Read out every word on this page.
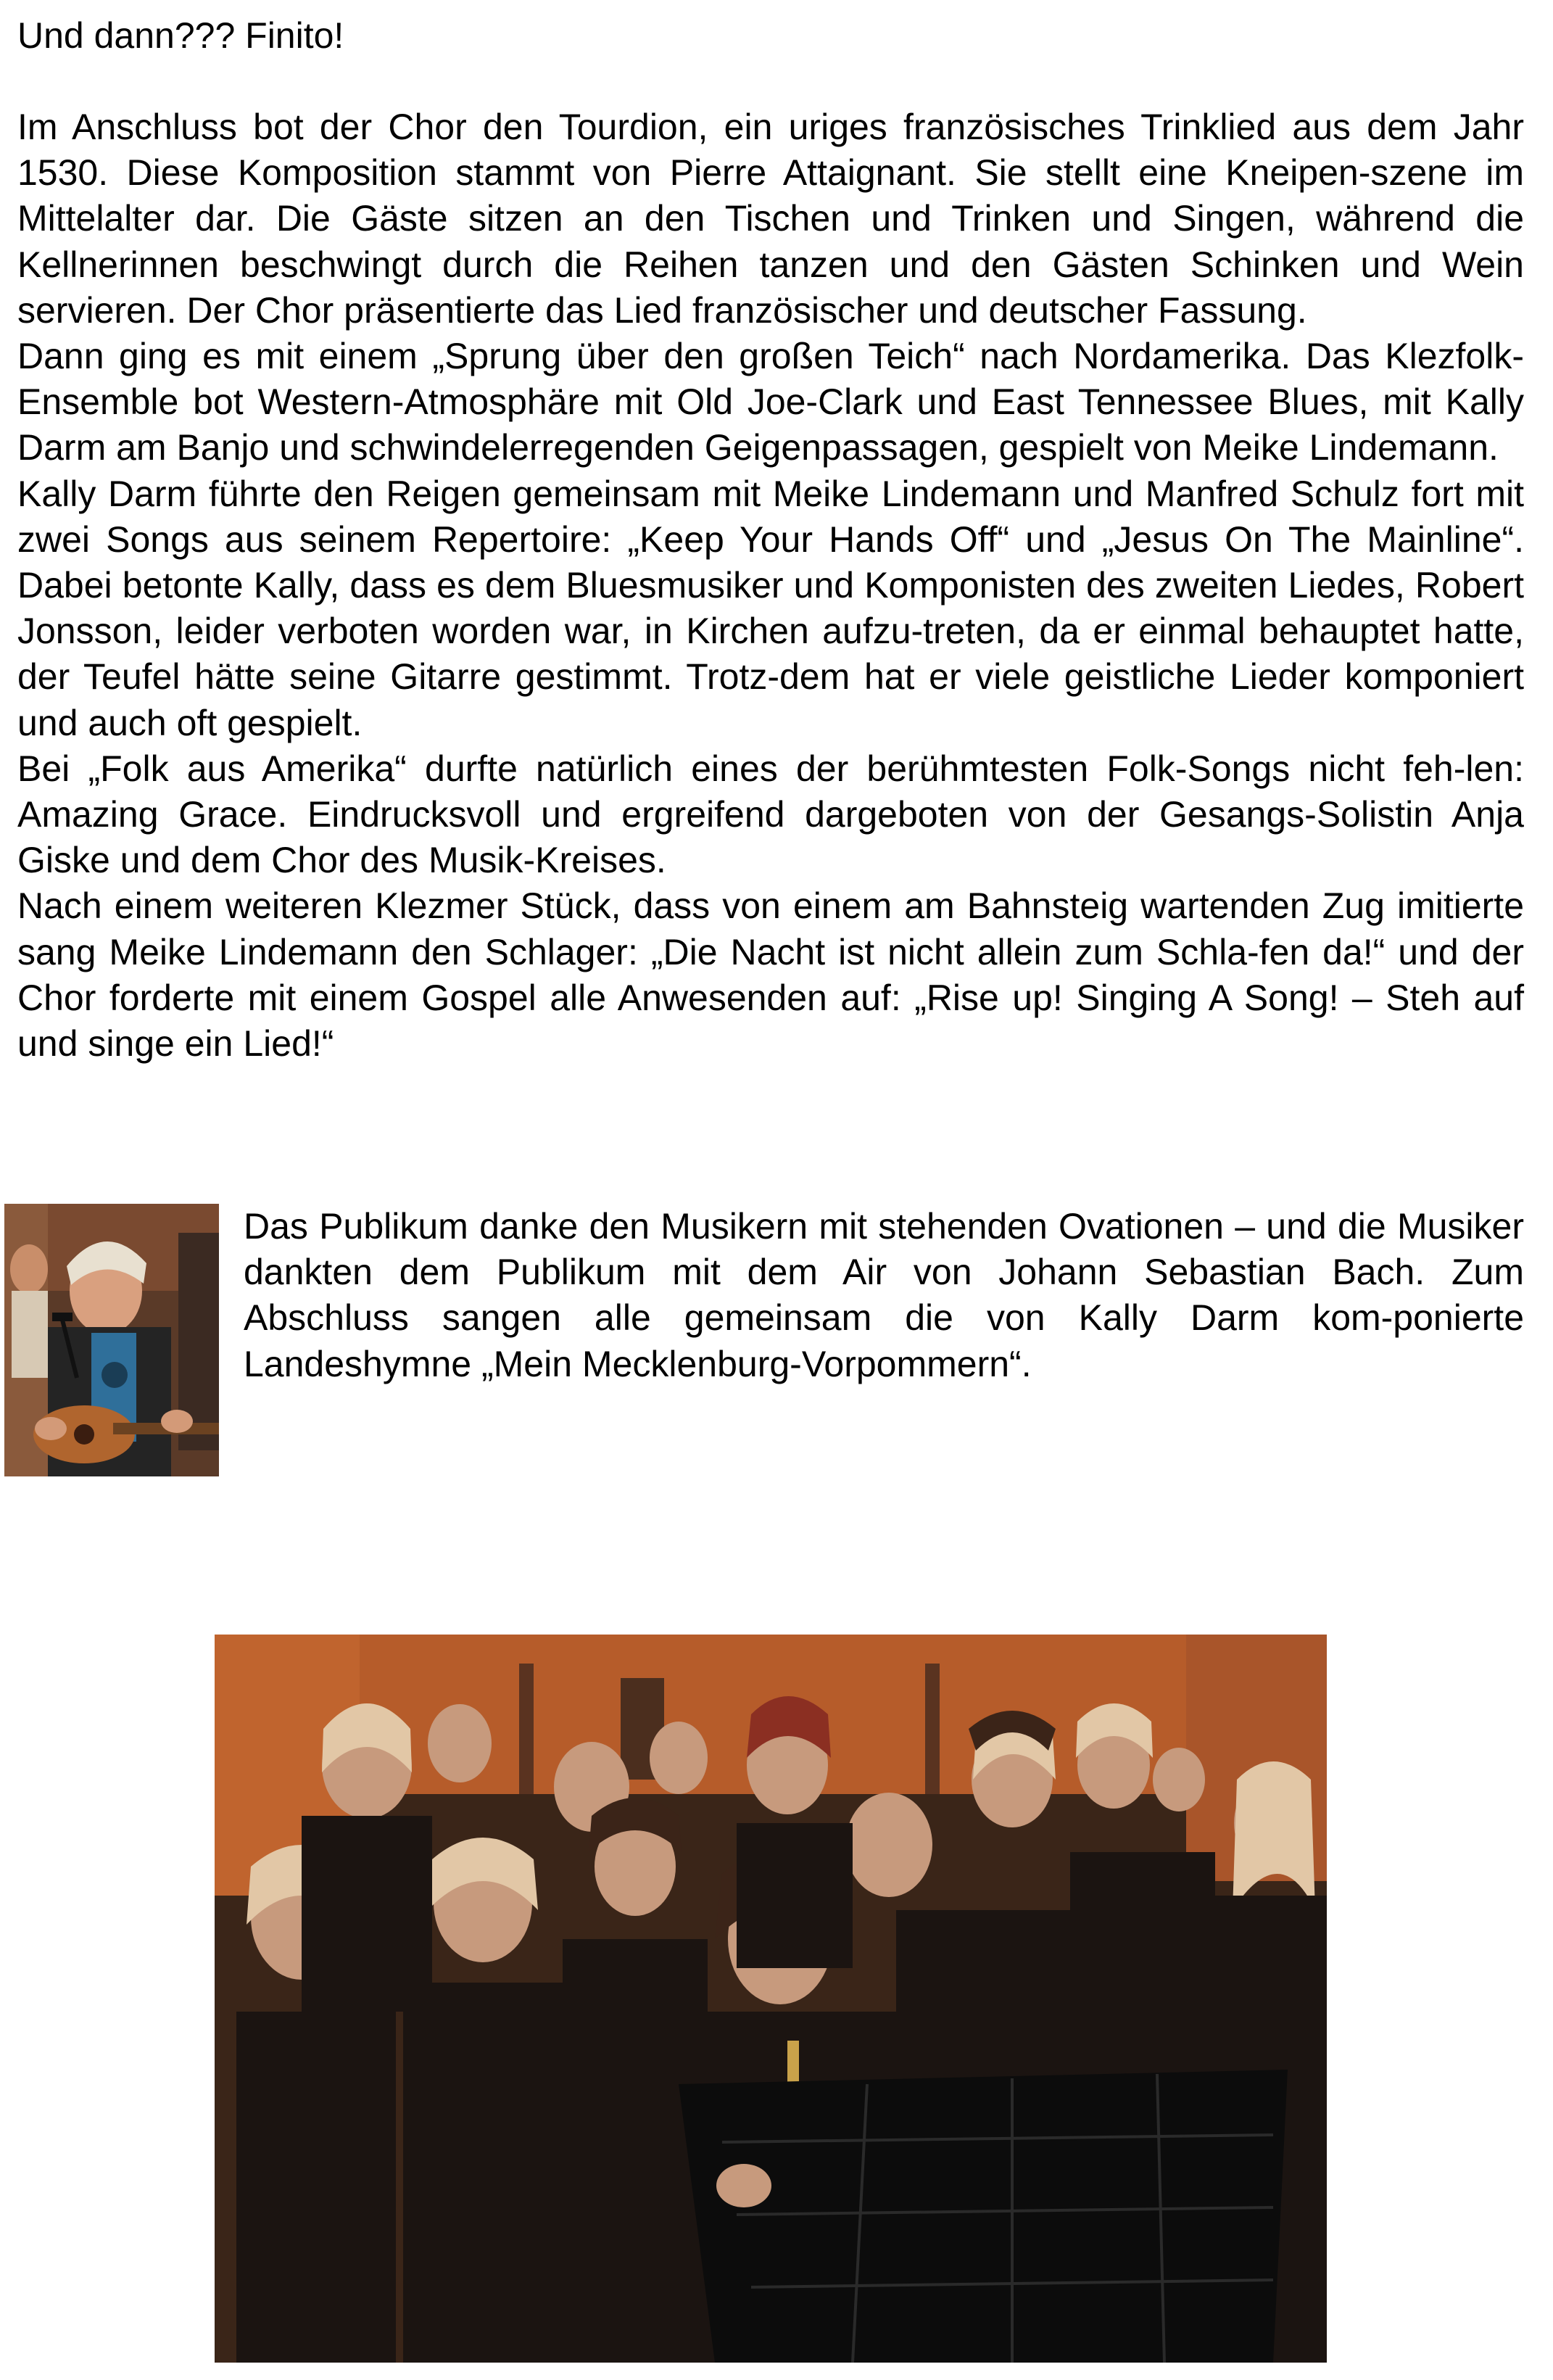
Und dann??? Finito!

Im Anschluss bot der Chor den Tourdion, ein uriges französisches Trinklied aus dem Jahr 1530. Diese Komposition stammt von Pierre Attaignant. Sie stellt eine Kneipen-szene im Mittelalter dar. Die Gäste sitzen an den Tischen und Trinken und Singen, während die Kellnerinnen beschwingt durch die Reihen tanzen und den Gästen Schinken und Wein servieren. Der Chor präsentierte das Lied französischer und deutscher Fassung.

Dann ging es mit einem „Sprung über den großen Teich“ nach Nordamerika. Das Klezfolk-Ensemble bot Western-Atmosphäre mit Old Joe-Clark und East Tennessee Blues, mit Kally Darm am Banjo und schwindelerregenden Geigenpassagen, gespielt von Meike Lindemann.

Kally Darm führte den Reigen gemeinsam mit Meike Lindemann und Manfred Schulz fort mit zwei Songs aus seinem Repertoire: „Keep Your Hands Off“ und „Jesus On The Mainline“. Dabei betonte Kally, dass es dem Bluesmusiker und Komponisten des zweiten Liedes, Robert Jonsson, leider verboten worden war, in Kirchen aufzu-treten, da er einmal behauptet hatte, der Teufel hätte seine Gitarre gestimmt. Trotz-dem hat er viele geistliche Lieder komponiert und auch oft gespielt.

Bei „Folk aus Amerika“ durfte natürlich eines der berühmtesten Folk-Songs nicht feh-len: Amazing Grace. Eindrucksvoll und ergreifend dargeboten von der Gesangs-Solistin Anja Giske und dem Chor des Musik-Kreises.

Nach einem weiteren Klezmer Stück, dass von einem am Bahnsteig wartenden Zug imitierte sang Meike Lindemann den Schlager: „Die Nacht ist nicht allein zum Schla-fen da!“ und der Chor forderte mit einem Gospel alle Anwesenden auf: „Rise up! Singing A Song! – Steh auf und singe ein Lied!“

Das Publikum danke den Musikern mit stehenden Ovationen – und die Musiker dankten dem Publikum mit dem Air von Johann Sebastian Bach. Zum Abschluss sangen alle gemeinsam die von Kally Darm kom-ponierte Landeshymne „Mein Mecklenburg-Vorpommern“.
